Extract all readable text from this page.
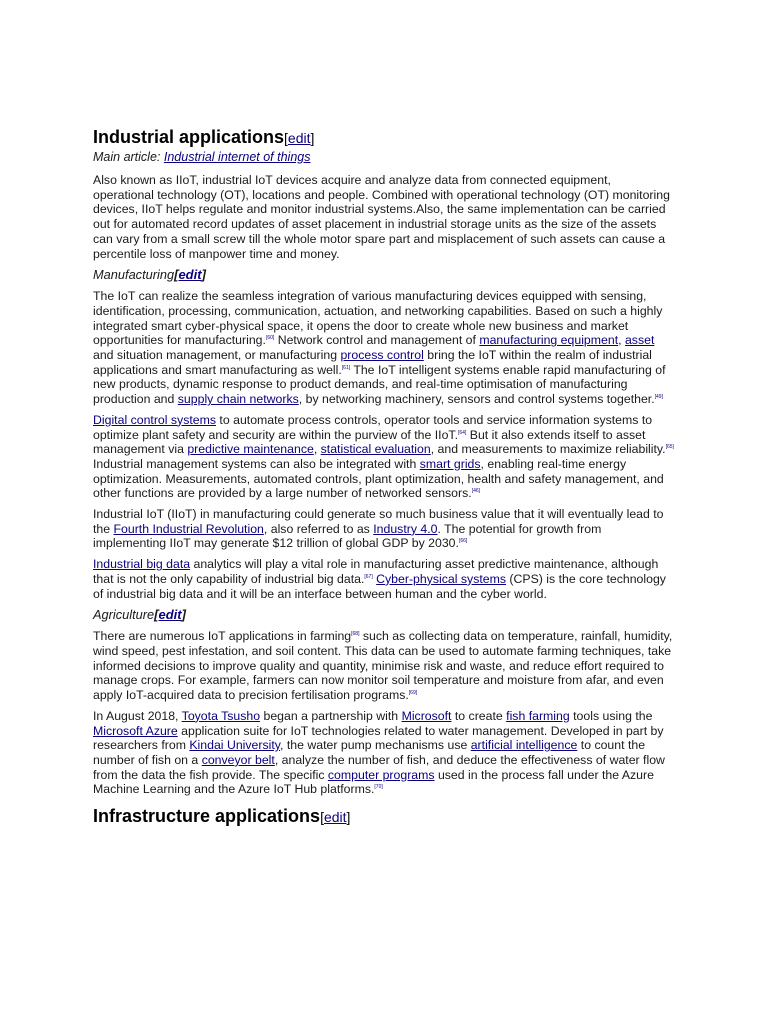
Industrial applications[edit]
Main article: Industrial internet of things

Also known as IIoT, industrial IoT devices acquire and analyze data from connected equipment, operational technology (OT), locations and people. Combined with operational technology (OT) monitoring devices, IIoT helps regulate and monitor industrial systems.Also, the same implementation can be carried out for automated record updates of asset placement in industrial storage units as the size of the assets can vary from a small screw till the whole motor spare part and misplacement of such assets can cause a percentile loss of manpower time and money.

Manufacturing[edit]

The IoT can realize the seamless integration of various manufacturing devices equipped with sensing, identification, processing, communication, actuation, and networking capabilities. Based on such a highly integrated smart cyber-physical space, it opens the door to create whole new business and market opportunities for manufacturing.[60] Network control and management of manufacturing equipment, asset and situation management, or manufacturing process control bring the IoT within the realm of industrial applications and smart manufacturing as well.[61] The IoT intelligent systems enable rapid manufacturing of new products, dynamic response to product demands, and real-time optimisation of manufacturing production and supply chain networks, by networking machinery, sensors and control systems together.[49]

Digital control systems to automate process controls, operator tools and service information systems to optimize plant safety and security are within the purview of the IIoT.[64] But it also extends itself to asset management via predictive maintenance, statistical evaluation, and measurements to maximize reliability.[65] Industrial management systems can also be integrated with smart grids, enabling real-time energy optimization. Measurements, automated controls, plant optimization, health and safety management, and other functions are provided by a large number of networked sensors.[46]

Industrial IoT (IIoT) in manufacturing could generate so much business value that it will eventually lead to the Fourth Industrial Revolution, also referred to as Industry 4.0. The potential for growth from implementing IIoT may generate $12 trillion of global GDP by 2030.[66]

Industrial big data analytics will play a vital role in manufacturing asset predictive maintenance, although that is not the only capability of industrial big data.[67] Cyber-physical systems (CPS) is the core technology of industrial big data and it will be an interface between human and the cyber world.

Agriculture[edit]

There are numerous IoT applications in farming[68] such as collecting data on temperature, rainfall, humidity, wind speed, pest infestation, and soil content. This data can be used to automate farming techniques, take informed decisions to improve quality and quantity, minimise risk and waste, and reduce effort required to manage crops. For example, farmers can now monitor soil temperature and moisture from afar, and even apply IoT-acquired data to precision fertilisation programs.[69]

In August 2018, Toyota Tsusho began a partnership with Microsoft to create fish farming tools using the Microsoft Azure application suite for IoT technologies related to water management. Developed in part by researchers from Kindai University, the water pump mechanisms use artificial intelligence to count the number of fish on a conveyor belt, analyze the number of fish, and deduce the effectiveness of water flow from the data the fish provide. The specific computer programs used in the process fall under the Azure Machine Learning and the Azure IoT Hub platforms.[70]

Infrastructure applications[edit]
